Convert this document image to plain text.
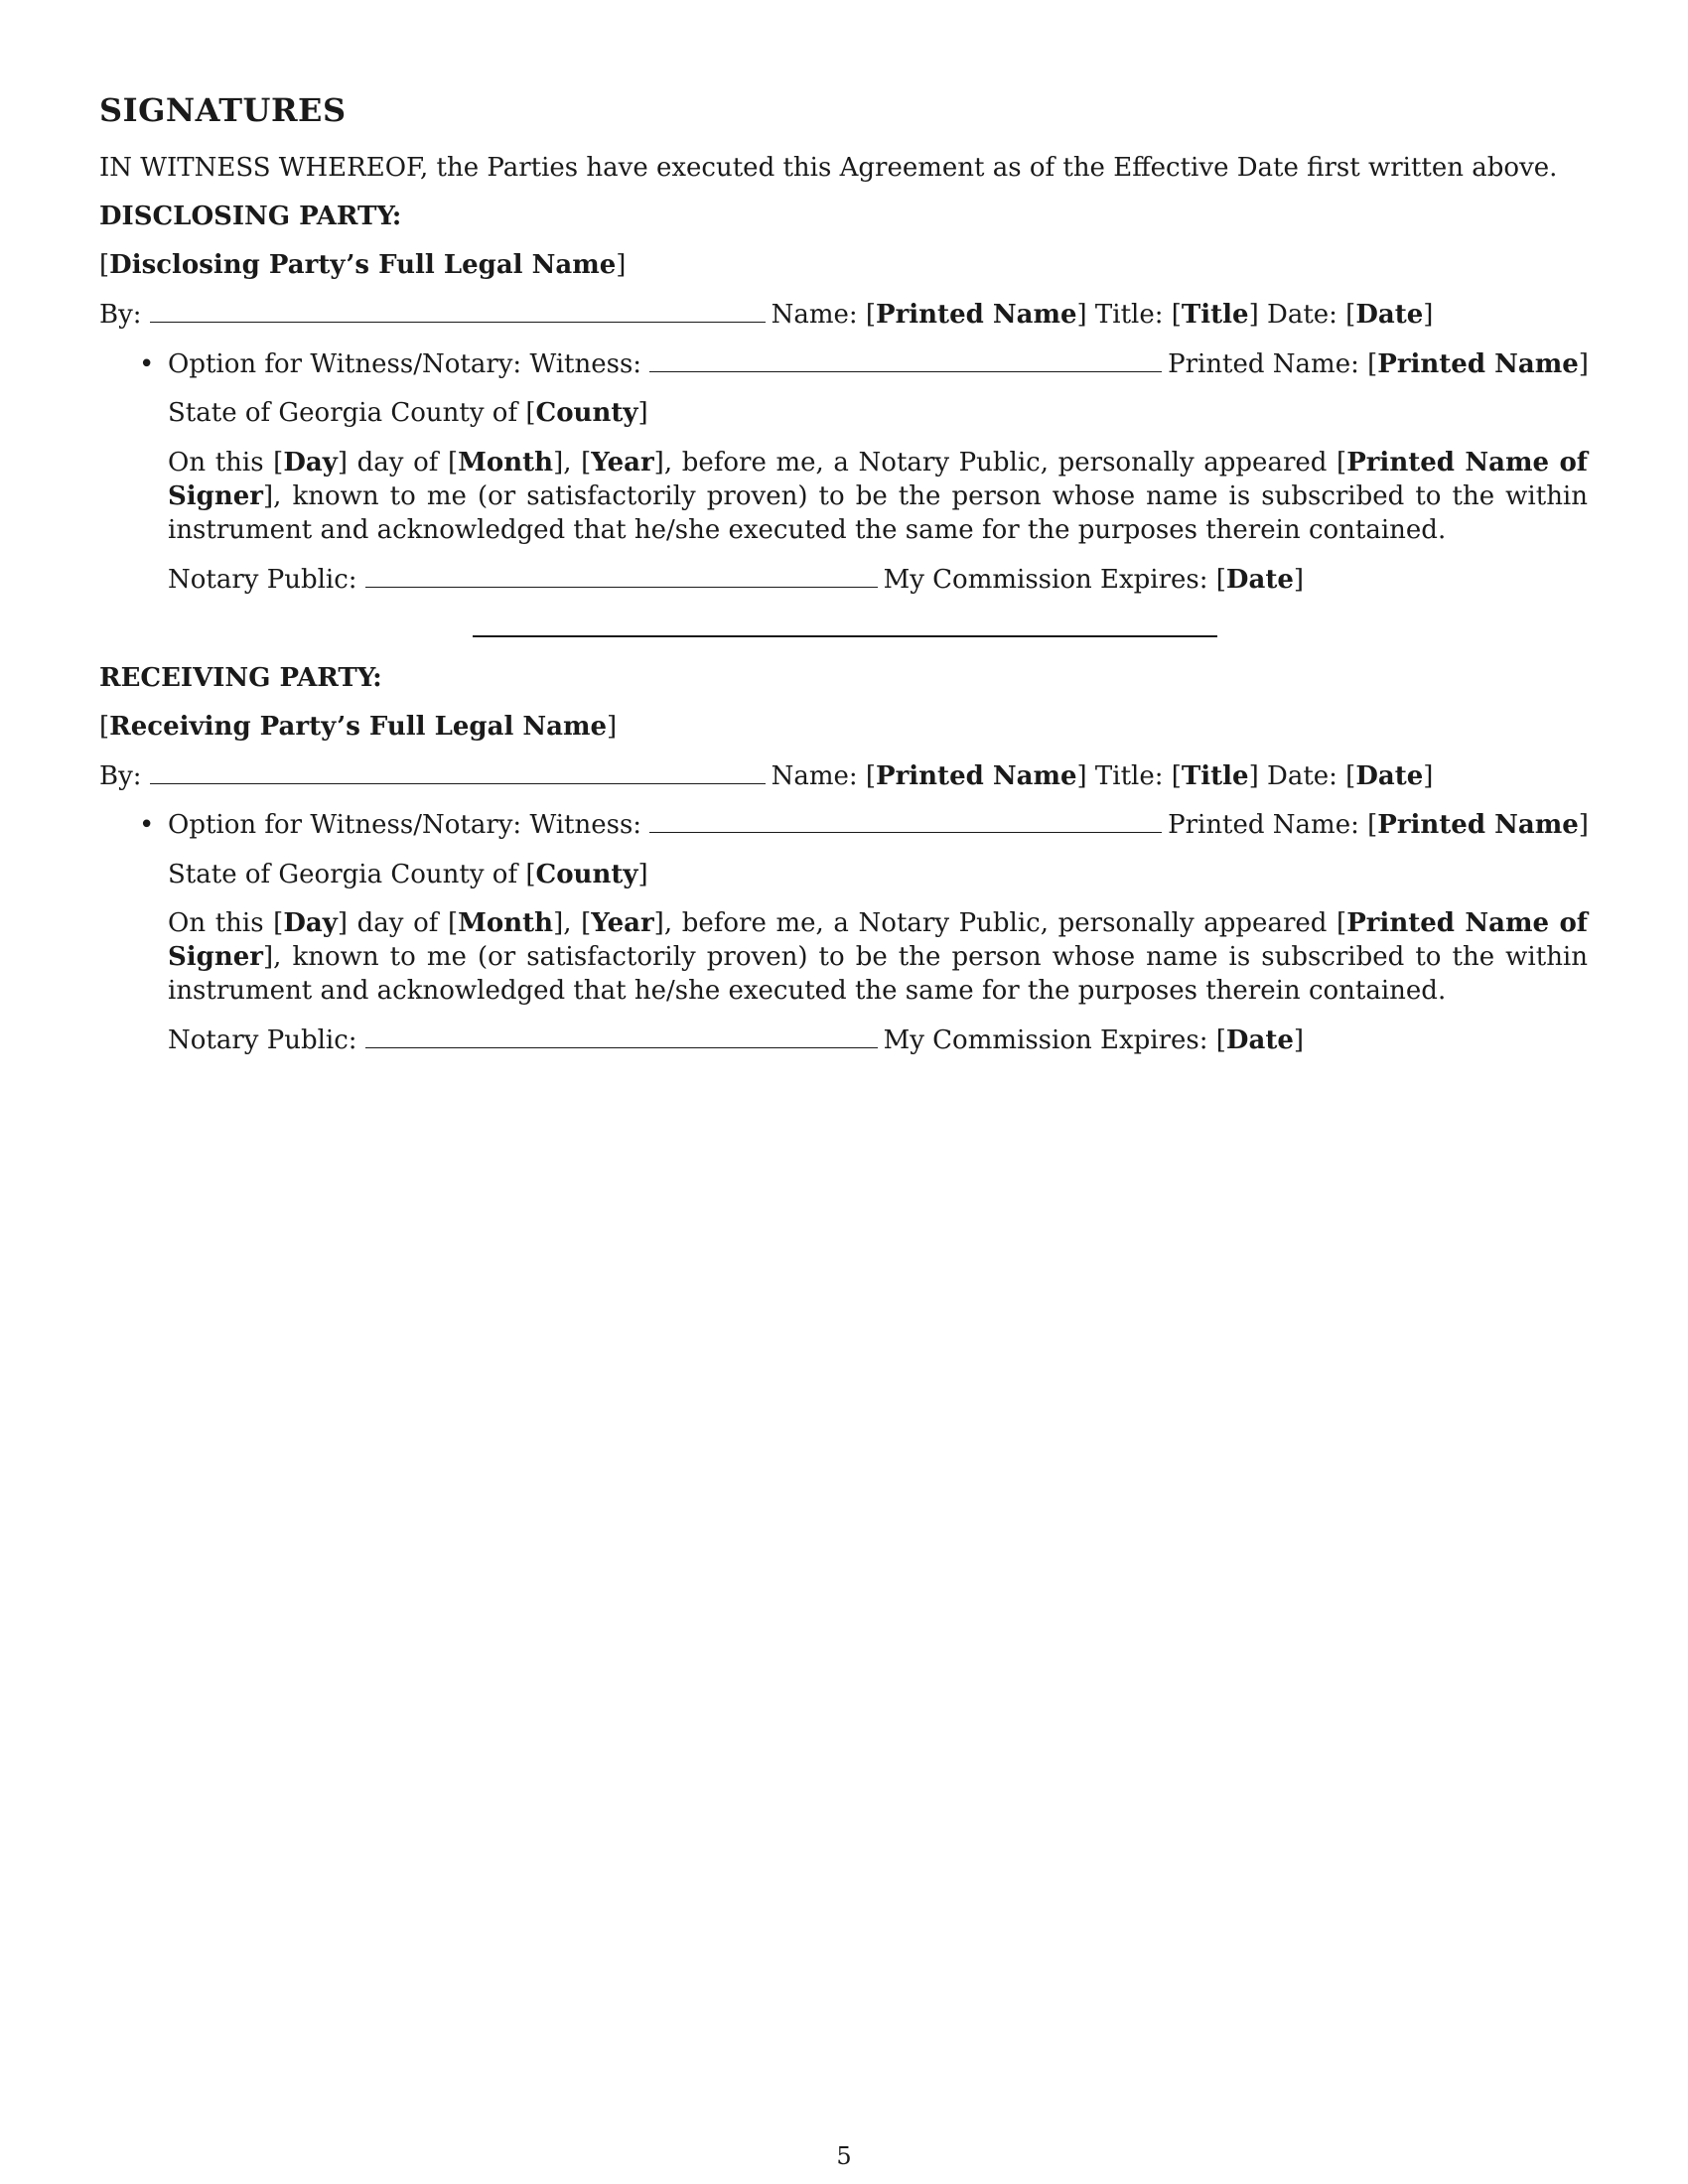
SIGNATURES
IN WITNESS WHEREOF, the Parties have executed this Agreement as of the Effective Date first written above.
DISCLOSING PARTY:
[Disclosing Party’s Full Legal Name]
By:	Name: [Printed Name] Title: [Title] Date: [Date]
• Option for Witness/Notary: Witness:	Printed Name: [Printed Name]
State of Georgia County of [County]
On this [Day] day of [Month], [Year], before me, a Notary Public, personally appeared [Printed Name of Signer], known to me (or satisfactorily proven) to be the person whose name is subscribed to the within instrument and acknowledged that he/she executed the same for the purposes therein contained.
Notary Public:	My Commission Expires: [Date]
RECEIVING PARTY:
[Receiving Party’s Full Legal Name]
By:	Name: [Printed Name] Title: [Title] Date: [Date]
• Option for Witness/Notary: Witness:	Printed Name: [Printed Name]
State of Georgia County of [County]
On this [Day] day of [Month], [Year], before me, a Notary Public, personally appeared [Printed Name of Signer], known to me (or satisfactorily proven) to be the person whose name is subscribed to the within instrument and acknowledged that he/she executed the same for the purposes therein contained.
Notary Public:	My Commission Expires: [Date]
5
